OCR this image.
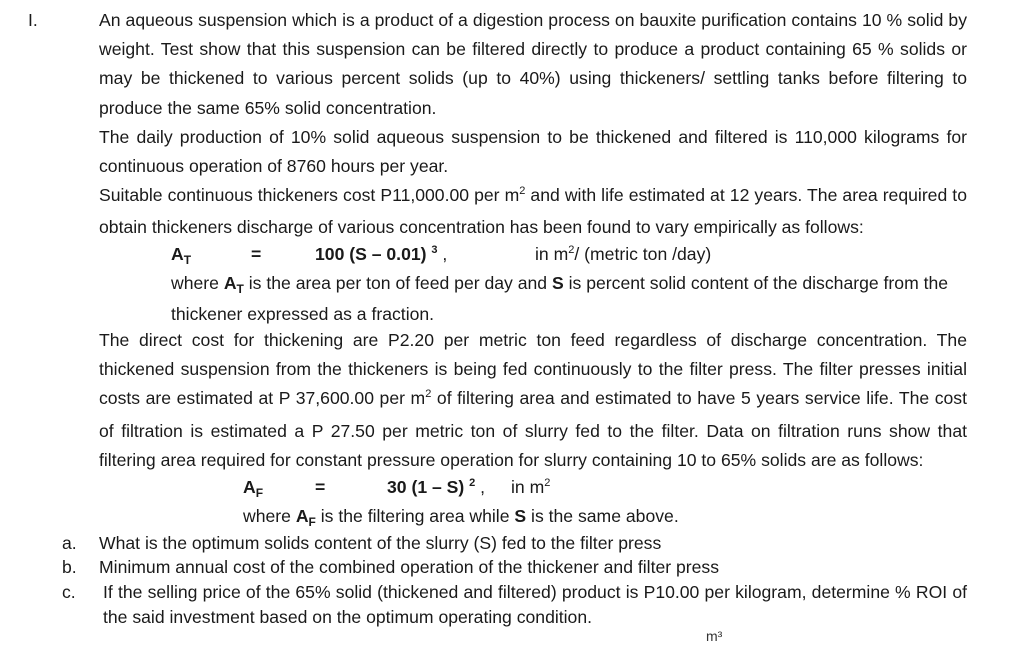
I.	An aqueous suspension which is a product of a digestion process on bauxite purification contains 10 % solid by weight. Test show that this suspension can be filtered directly to produce a product containing 65 % solids or may be thickened to various percent solids (up to 40%) using thickeners/ settling tanks before filtering to produce the same 65% solid concentration.

The daily production of 10% solid aqueous suspension to be thickened and filtered is 110,000 kilograms for continuous operation of 8760 hours per year.

Suitable continuous thickeners cost P11,000.00 per $m^2$ and with life estimated at 12 years. The area required to obtain thickeners discharge of various concentration has been found to vary empirically as follows:

$A_T$	=	100 (S – 0.01) $^3$ ,	in $m^2/$ (metric ton /day)

where $A_T$ is the area per ton of feed per day and S is percent solid content of the discharge from the thickener expressed as a fraction.

The direct cost for thickening are P2.20 per metric ton feed regardless of discharge concentration. The thickened suspension from the thickeners is being fed continuously to the filter press. The filter presses initial costs are estimated at P 37,600.00 per $m^2$ of filtering area and estimated to have 5 years service life. The cost of filtration is estimated a P 27.50 per metric ton of slurry fed to the filter. Data on filtration runs show that filtering area required for constant pressure operation for slurry containing 10 to 65% solids are as follows:

$A_F$	=	30 (1 – S) $^2$ , in $m^2$

where $A_F$ is the filtering area while S is the same above.

a. What is the optimum solids content of the slurry (S) fed to the filter press

b. Minimum annual cost of the combined operation of the thickener and filter press

c. If the selling price of the 65% solid (thickened and filtered) product is P10.00 per kilogram, determine % ROI of the said investment based on the optimum operating condition.

m³
